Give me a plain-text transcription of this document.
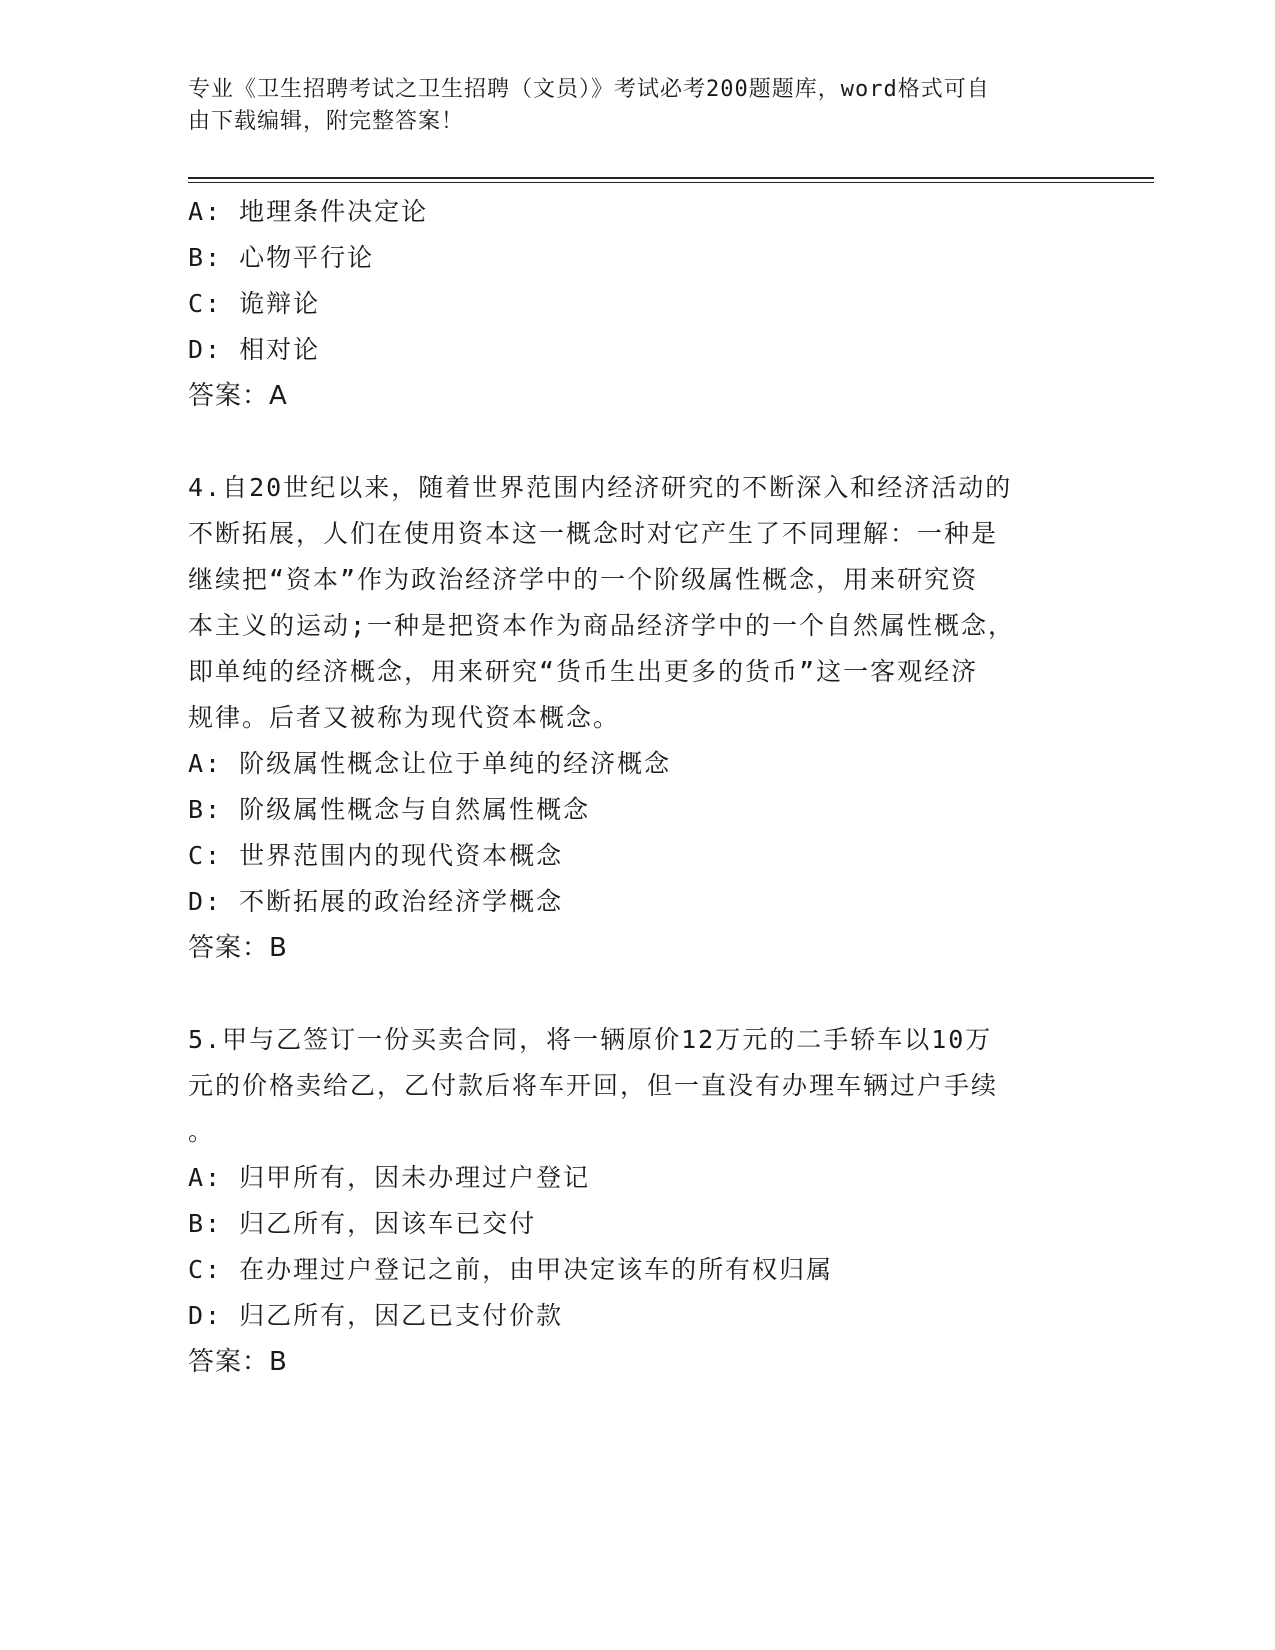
专业《卫生招聘考试之卫生招聘（文员）》考试必考200题题库，word格式可自
由下载编辑，附完整答案！
A: 地理条件决定论
B: 心物平行论
C: 诡辩论
D: 相对论
答案：A
4.自20世纪以来，随着世界范围内经济研究的不断深入和经济活动的
不断拓展，人们在使用资本这一概念时对它产生了不同理解：一种是
继续把“资本”作为政治经济学中的一个阶级属性概念，用来研究资
本主义的运动;一种是把资本作为商品经济学中的一个自然属性概念，
即单纯的经济概念，用来研究“货币生出更多的货币”这一客观经济
规律。后者又被称为现代资本概念。
A: 阶级属性概念让位于单纯的经济概念
B: 阶级属性概念与自然属性概念
C: 世界范围内的现代资本概念
D: 不断拓展的政治经济学概念
答案：B
5.甲与乙签订一份买卖合同，将一辆原价12万元的二手轿车以10万
元的价格卖给乙，乙付款后将车开回，但一直没有办理车辆过户手续
。
A: 归甲所有，因未办理过户登记
B: 归乙所有，因该车已交付
C: 在办理过户登记之前，由甲决定该车的所有权归属
D: 归乙所有，因乙已支付价款
答案：B
